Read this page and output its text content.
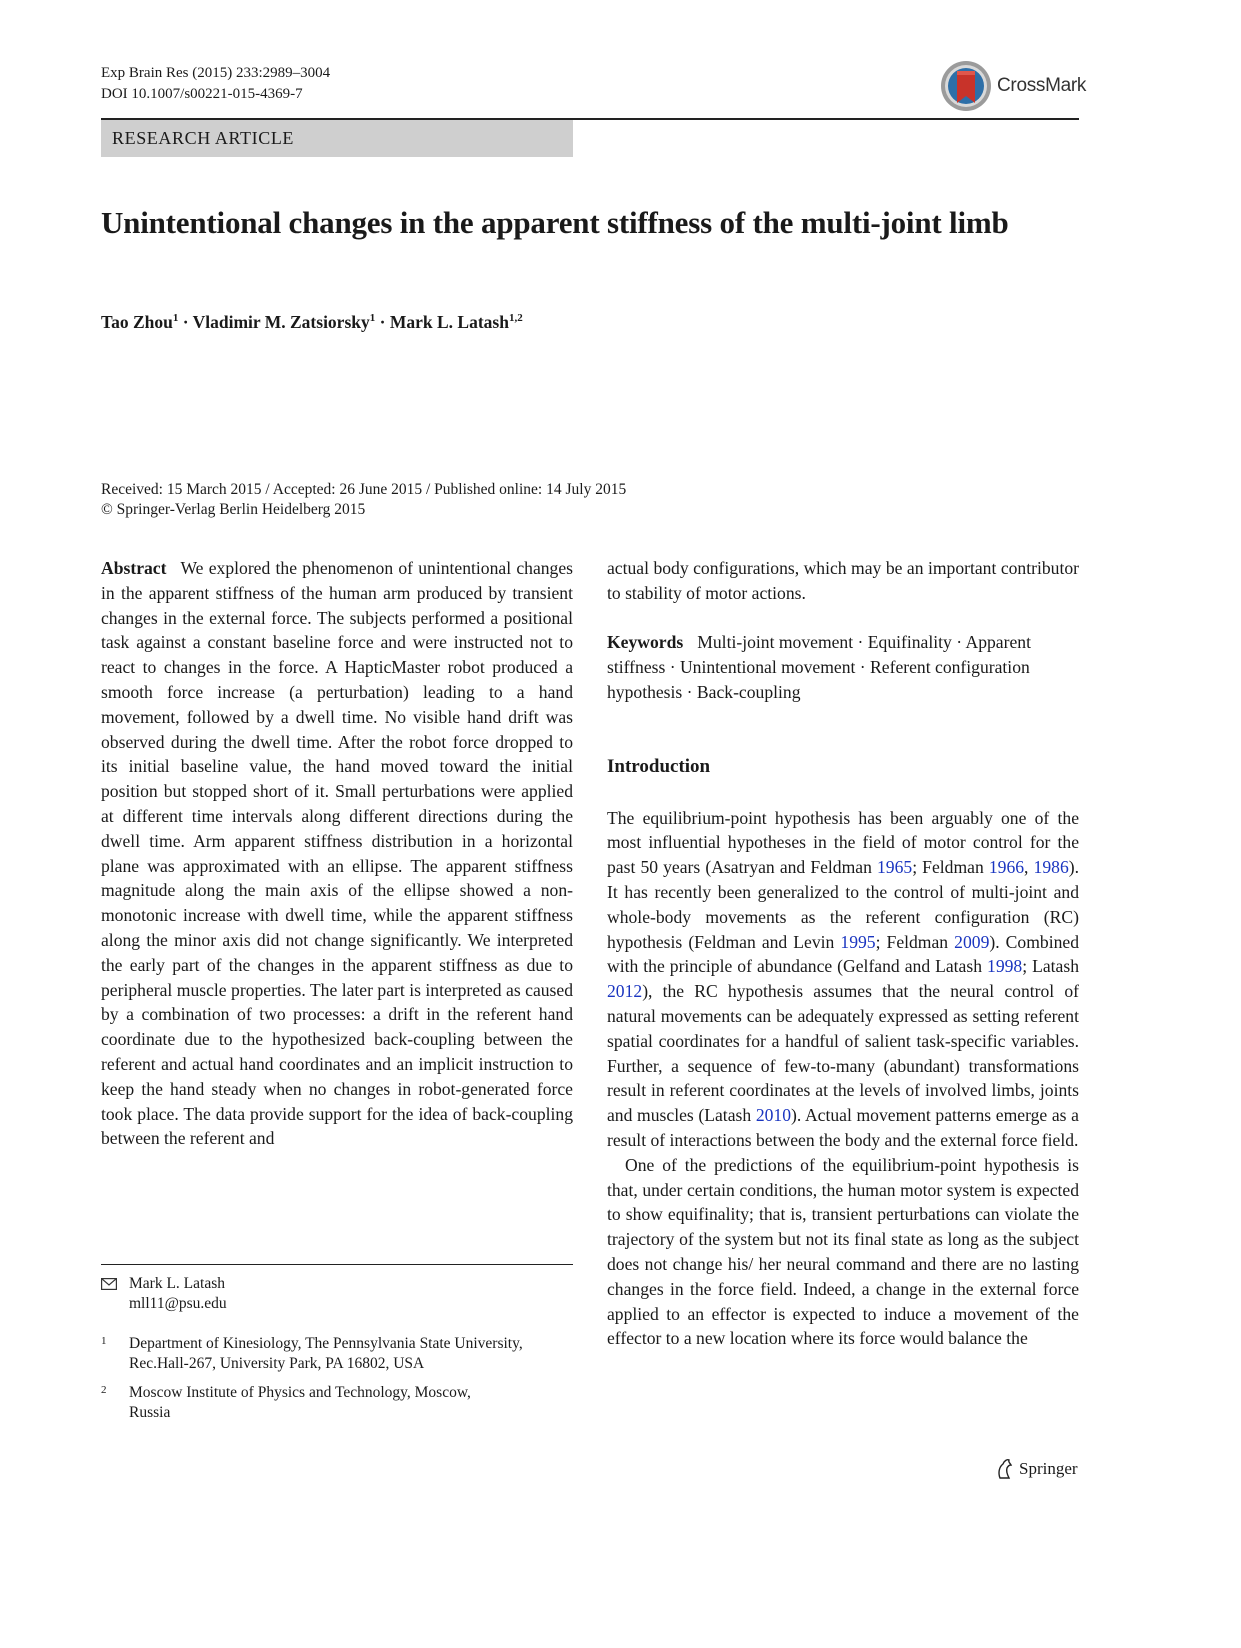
Exp Brain Res (2015) 233:2989–3004
DOI 10.1007/s00221-015-4369-7	CrossMark
RESEARCH ARTICLE
Unintentional changes in the apparent stiffness of the multi-joint limb
Tao Zhou$^1$ · Vladimir M. Zatsiorsky$^1$ · Mark L. Latash$^{1,2}$
Received: 15 March 2015 / Accepted: 26 June 2015 / Published online: 14 July 2015
© Springer-Verlag Berlin Heidelberg 2015

Abstract We explored the phenomenon of unintentional changes in the apparent stiffness of the human arm produced by transient changes in the external force. The subjects performed a positional task against a constant baseline force and were instructed not to react to changes in the force. A HapticMaster robot produced a smooth force increase (a perturbation) leading to a hand movement, followed by a dwell time. No visible hand drift was observed during the dwell time. After the robot force dropped to its initial baseline value, the hand moved toward the initial position but stopped short of it. Small perturbations were applied at different time intervals along different directions during the dwell time. Arm apparent stiffness distribution in a horizontal plane was approximated with an ellipse. The apparent stiffness magnitude along the main axis of the ellipse showed a non-monotonic increase with dwell time, while the apparent stiffness along the minor axis did not change significantly. We interpreted the early part of the changes in the apparent stiffness as due to peripheral muscle properties. The later part is interpreted as caused by a combination of two processes: a drift in the referent hand coordinate due to the hypothesized back-coupling between the referent and actual hand coordinates and an implicit instruction to keep the hand steady when no changes in robot-generated force took place. The data provide support for the idea of back-coupling between the referent and

actual body configurations, which may be an important contributor to stability of motor actions.

Keywords Multi-joint movement · Equifinality · Apparent stiffness · Unintentional movement · Referent configuration hypothesis · Back-coupling

Introduction

The equilibrium-point hypothesis has been arguably one of the most influential hypotheses in the field of motor control for the past 50 years (Asatryan and Feldman 1965; Feldman 1966, 1986). It has recently been generalized to the control of multi-joint and whole-body movements as the referent configuration (RC) hypothesis (Feldman and Levin 1995; Feldman 2009). Combined with the principle of abundance (Gelfand and Latash 1998; Latash 2012), the RC hypothesis assumes that the neural control of natural movements can be adequately expressed as setting referent spatial coordinates for a handful of salient task-specific variables. Further, a sequence of few-to-many (abundant) transformations result in referent coordinates at the levels of involved limbs, joints and muscles (Latash 2010). Actual movement patterns emerge as a result of interactions between the body and the external force field.

One of the predictions of the equilibrium-point hypothesis is that, under certain conditions, the human motor system is expected to show equifinality; that is, transient perturbations can violate the trajectory of the system but not its final state as long as the subject does not change his/ her neural command and there are no lasting changes in the force field. Indeed, a change in the external force applied to an effector is expected to induce a movement of the effector to a new location where its force would balance the

Mark L. Latash
mll11@psu.edu
1	Department of Kinesiology, The Pennsylvania State University, Rec.Hall-267, University Park, PA 16802, USA
2	Moscow Institute of Physics and Technology, Moscow, Russia
Springer
